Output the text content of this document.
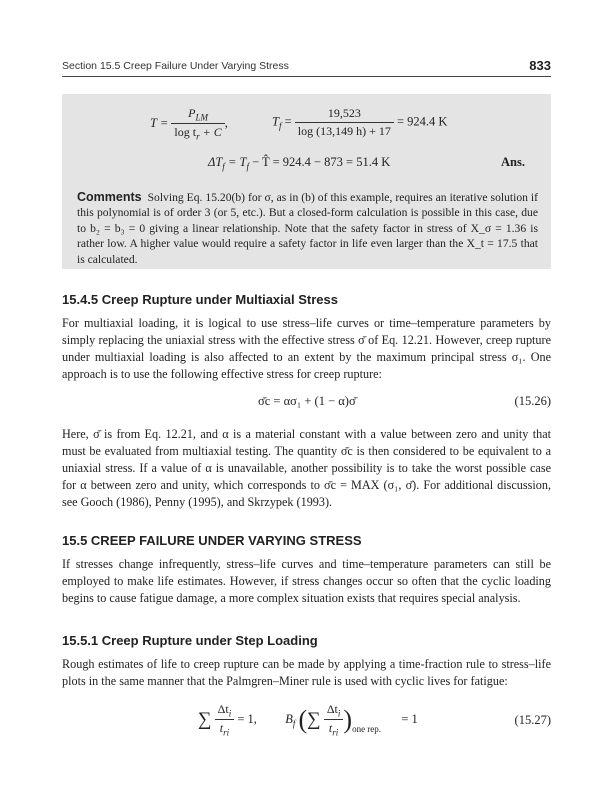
Section 15.5 Creep Failure Under Varying Stress	833
$T = \frac{P_{LM}}{\log t_r + C}$ ,	$T_f = \frac{19,523}{\log (13,149 h) + 17} = 924.4$ K
$\Delta T_f = T_f$ − T̂ = 924.4 − 873 = 51.4 K	Ans.
Comments Solving Eq. 15.20(b) for σ, as in (b) of this example, requires an iterative solution if this polynomial is of order 3 (or 5, etc.). But a closed-form calculation is possible in this case, due to b₂ = b₃ = 0 giving a linear relationship. Note that the safety factor in stress of X_σ = 1.36 is rather low. A higher value would require a safety factor in life even larger than the X_t = 17.5 that is calculated.
15.4.5 Creep Rupture under Multiaxial Stress
For multiaxial loading, it is logical to use stress–life curves or time–temperature parameters by simply replacing the uniaxial stress with the effective stress σ̄ of Eq. 12.21. However, creep rupture under multiaxial loading is also affected to an extent by the maximum principal stress σ₁. One approach is to use the following effective stress for creep rupture:
σ̄c = ασ₁ + (1 − α)σ̄	(15.26)
Here, σ̄ is from Eq. 12.21, and α is a material constant with a value between zero and unity that must be evaluated from multiaxial testing. The quantity σ̄c is then considered to be equivalent to a uniaxial stress. If a value of α is unavailable, another possibility is to take the worst possible case for α between zero and unity, which corresponds to σ̄c = MAX (σ₁, σ̄). For additional discussion, see Gooch (1986), Penny (1995), and Skrzypek (1993).
15.5 CREEP FAILURE UNDER VARYING STRESS
If stresses change infrequently, stress–life curves and time–temperature parameters can still be employed to make life estimates. However, if stress changes occur so often that the cyclic loading begins to cause fatigue damage, a more complex situation exists that requires special analysis.
15.5.1 Creep Rupture under Step Loading
Rough estimates of life to creep rupture can be made by applying a time-fraction rule to stress–life plots in the same manner that the Palmgren–Miner rule is used with cyclic lives for fatigue:
∑ $\frac{\Delta t_i}{t_{ri}} = 1$, $B_f$ (∑ $\frac{\Delta t_i}{t_{ri}} )_{one rep.} = 1$	(15.27)
